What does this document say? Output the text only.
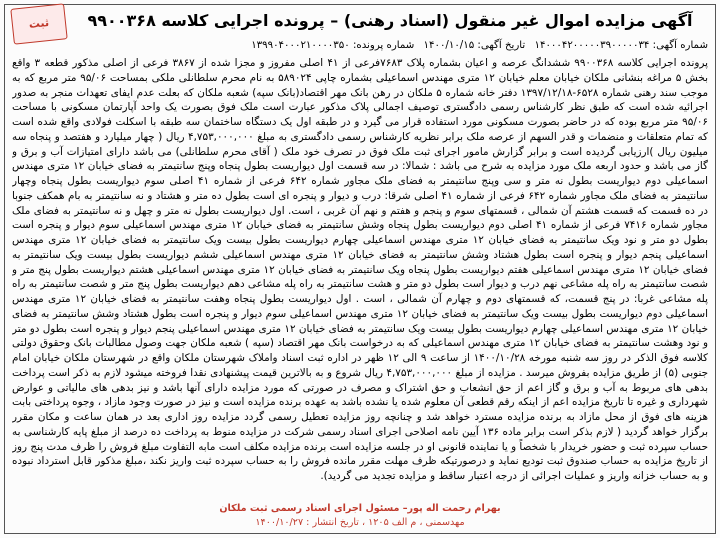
ثبت	آگهی مزایده اموال غیر منقول (اسناد رهنی) – پرونده اجرایی کلاسه ۹۹۰۰۳۶۸
شماره آگهی: ۱۴۰۰۰۴۲۰۰۰۰۰۳۹۰۰۰۰۰۳۴ تاریخ آگهی: ۱۴۰۰/۱۰/۱۵ شماره پرونده: ۱۳۹۹۰۴۰۰۰۲۱۰۰۰۰۳۵۰

پرونده اجرایی کلاسه ۹۹۰۰۳۶۸ ششدانگ عرصه و اعیان بشماره پلاک ۷۶۸۳فرعی از ۴۱ اصلی مفروز و مجزا شده از ۳۸۶۷ فرعی از اصلی مذکور قطعه ۳ واقع بخش ۵ مراغه بنشانی ملکان خیابان معلم خیابان ۱۲ متری مهندس اسماعیلی بشماره چاپی ۵۸۹۰۲۴ به نام محرم سلطانلی ملکی بمساحت ۹۵/۰۶ متر مربع که به موجب سند رهنی شماره ۶۵۲۸-۱۳۹۷/۱۲/۱۸ دفتر خانه شماره ۵ ملکان در رهن بانک مهر اقتصاد(بانک سپه) شعبه ملکان که بعلت عدم ایفای تعهدات منجر به صدور اجرائیه شده است که طبق نظر کارشناس رسمی دادگستری توصیف اجمالی پلاک مذکور عبارت است ملک فوق بصورت یک واحد آپارتمان مسکونی با مساحت ۹۵/۰۶ متر مربع بوده که در حاضر بصورت مسکونی مورد استفاده قرار می گیرد و در طبقه اول یک دستگاه ساختمان سه طبقه با اسکلت فولادی واقع شده است که تمام متعلقات و منضمات و قدر السهم از عرصه ملک برابر نظریه کارشناس رسمی دادگستری به مبلغ ۴,۷۵۳,۰۰۰,۰۰۰ ریال ( چهار میلیارد و هفتصد و پنجاه سه میلیون ریال )ارزیابی گردیده است و برابر گزارش مامور اجرای ثبت ملک فوق در تصرف خود ملک ( آقای محرم سلطانلی) می باشد دارای امتیازات آب و برق و گاز می باشد و حدود اربعه ملک مورد مزایده به شرح می باشد : شمالا: در سه قسمت اول دیواریست بطول پنجاه وپنج سانتیمتر به فضای خیابان ۱۲ متری مهندس اسماعیلی دوم دیواریست بطول نه متر و سی وپنج سانتیمتر به فضای ملک مجاور شماره ۶۴۲ فرعی از شماره ۴۱ اصلی سوم دیواریست بطول پنجاه وچهار سانتیمتر به فضای ملک مجاور شماره ۶۴۲ فرعی از شماره ۴۱ اصلی شرقا: درب و دیوار و پنجره ای است بطول ده متر و هشتاد و نه سانتیمتر به بام همکف جنوبا در ده قسمت که قسمت هشتم آن شمالی ، قسمتهای سوم و پنجم و هفتم و نهم آن غربی ، است. اول دیواریست بطول نه متر و چهل و نه سانتیمتر به فضای ملک مجاور شماره ۷۴۱۶ فرعی از شماره ۴۱ اصلی دوم دیواریست بطول پنجاه وشش سانتیمتر به فضای خیابان ۱۲ متری مهندس اسماعیلی سوم دیوار و پنجره است بطول دو متر و نود ویک سانتیمتر به فضای خیابان ۱۲ متری مهندس اسماعیلی چهارم دیواریست بطول بیست ویک سانتیمتر به فضای خیابان ۱۲ متری مهندس اسماعیلی پنجم دیوار و پنجره است بطول هشتاد وشش سانتیمتر به فضای خیابان ۱۲ متری مهندس اسماعیلی ششم دیواریست بطول بیست ویک سانتیمتر به فضای خیابان ۱۲ متری مهندس اسماعیلی هفتم دیواریست بطول پنجاه ویک سانتیمتر به فضای خیابان ۱۲ متری مهندس اسماعیلی هشتم دیواریست بطول پنج متر و شصت سانتیمتر به راه پله مشاعی نهم درب و دیوار است بطول دو متر و هشت سانتیمتر به راه پله مشاعی دهم دیواریست بطول پنج متر و شصت سانتیمتر به راه پله مشاعی غربا: در پنج قسمت، که قسمتهای دوم و چهارم آن شمالی ، است . اول دیواریست بطول پنجاه وهفت سانتیمتر به فضای خیابان ۱۲ متری مهندس اسماعیلی دوم دیواریست بطول بیست ویک سانتیمتر به فضای خیابان ۱۲ متری مهندس اسماعیلی سوم دیوار و پنجره است بطول هشتاد وشش سانتیمتر به فضای خیابان ۱۲ متری مهندس اسماعیلی چهارم دیواریست بطول بیست ویک سانتیمتر به فضای خیابان ۱۲ متری مهندس اسماعیلی پنجم دیوار و پنجره است بطول دو متر و نود وهشت سانتیمتر به فضای خیابان ۱۲ متری مهندس اسماعیلی که به درخواست بانک مهر اقتصاد (سپه ) شعبه ملکان جهت وصول مطالبات بانک وحقوق دولتی کلاسه فوق الذکر در روز سه شنبه مورخه ۱۴۰۰/۱۰/۲۸ از ساعت ۹ الی ۱۲ ظهر در اداره ثبت اسناد واملاک شهرستان ملکان واقع در شهرستان ملکان خیابان امام جنوبی (۵) از طریق مزایده بفروش میرسد . مزایده از مبلغ ۴,۷۵۳,۰۰۰,۰۰۰ ریال شروع و به بالاترین قیمت پیشنهادی نقدا فروخته میشود لازم به ذکر است پرداخت بدهی های مربوط به آب و برق و گاز اعم از حق انشعاب و حق اشتراک و مصرف در صورتی که مورد مزایده دارای آنها باشد و نیز بدهی های مالیاتی و عوارض شهرداری و غیره تا تاریخ مزایده اعم از اینکه رقم قطعی آن معلوم شده یا نشده باشد به عهده برنده مزایده است و نیز در صورت وجود مازاد ، وجوه پرداختی بابت هزینه های فوق از محل مازاد به برنده مزایده مسترد خواهد شد و چنانچه روز مزایده تعطیل رسمی گردد مزایده روز اداری بعد در همان ساعت و مکان مقرر برگزار خواهد گردید ( لازم بذکر است برابر ماده ۱۳۶ آیین نامه اصلاحی اجرای اسناد رسمی شرکت در مزایده منوط به پرداخت ده درصد از مبلغ پایه کارشناسی به حساب سپرده ثبت و حضور خریدار با شخصاً و یا نماینده قانونی او در جلسه مزایده است برنده مزایده مکلف است مابه التفاوت مبلغ فروش را ظرف مدت پنج روز از تاریخ مزایده به حساب صندوق ثبت تودیع نماید و درصورتیکه ظرف مهلت مقرر مانده فروش را به حساب سپرده ثبت واریز نکند ،مبلغ مذکور قابل استرداد نبوده و به حساب خزانه واریز و عملیات اجرائی از درجه اعتبار ساقط و مزایده تجدید می گردید).

بهرام رحمت اله پور– مسئول اجرای اسناد رسمی ثبت ملکان
مهدسمنی ، م الف ۱۲۰۵ ، تاریخ انتشار : ۱۴۰۰/۱۰/۲۷
